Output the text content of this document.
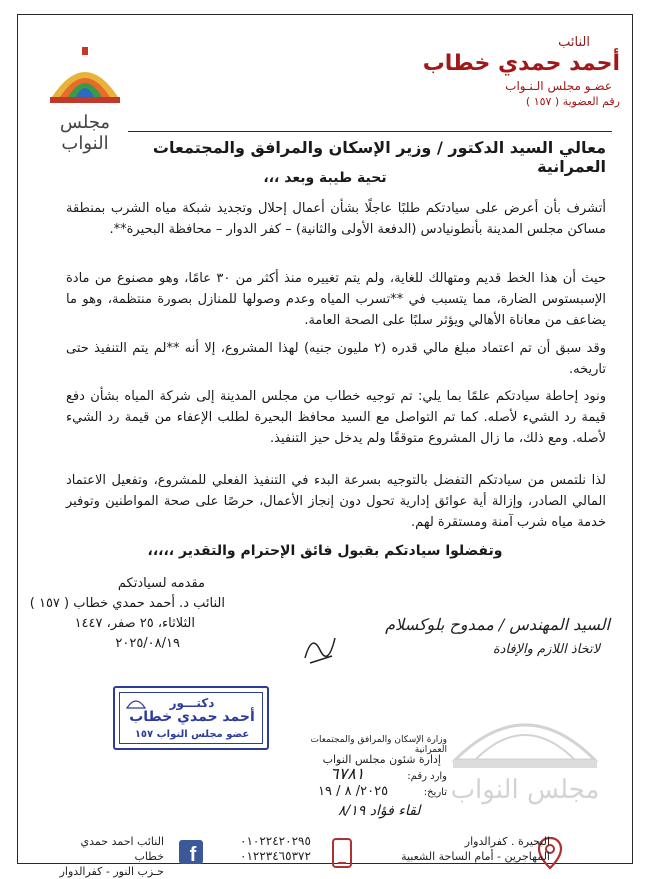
النائب
أحمد حمدي خطاب
عضـو مجلس الـنـواب
رقم العضوية ( ١٥٧ )
مجلس النواب	معالي السيد الدكتور / وزير الإسكان والمرافق والمجتمعات العمرانية
تحية طيبة وبعد ،،،
أتشرف بأن أعرض على سيادتكم طلبًا عاجلًا بشأن أعمال إحلال وتجديد شبكة مياه الشرب بمنطقة مساكن مجلس المدينة بأنطونيادس (الدفعة الأولى والثانية) – كفر الدوار – محافظة البحيرة**.
حيث أن هذا الخط قديم ومتهالك للغاية، ولم يتم تغييره منذ أكثر من ٣٠ عامًا، وهو مصنوع من مادة الإسبستوس الضارة، مما يتسبب في **تسرب المياه وعدم وصولها للمنازل بصورة منتظمة، وهو ما يضاعف من معاناة الأهالي ويؤثر سلبًا على الصحة العامة.
وقد سبق أن تم اعتماد مبلغ مالي قدره (٢ مليون جنيه) لهذا المشروع، إلا أنه **لم يتم التنفيذ حتى تاريخه.
ونود إحاطة سيادتكم علمًا بما يلي: تم توجيه خطاب من مجلس المدينة إلى شركة المياه بشأن دفع قيمة رد الشيء لأصله. كما تم التواصل مع السيد محافظ البحيرة لطلب الإعفاء من قيمة رد الشيء لأصله. ومع ذلك، ما زال المشروع متوقفًا ولم يدخل حيز التنفيذ.
لذا نلتمس من سيادتكم التفضل بالتوجيه بسرعة البدء في التنفيذ الفعلي للمشروع، وتفعيل الاعتماد المالي الصادر، وإزالة أية عوائق إدارية تحول دون إنجاز الأعمال، حرصًا على صحة المواطنين وتوفير خدمة مياه شرب آمنة ومستقرة لهم.
وتفضلوا سيادتكم بقبول فائق الإحترام والتقدير ،،،،،
مقدمه لسيادتكم
النائب د. أحمد حمدي خطاب ( ١٥٧ )
الثلاثاء، ٢٥ صفر، ١٤٤٧
٢٠٢٥/٠٨/١٩
السيد المهندس / ممدوح بلوكسلام
لاتخاذ اللازم والإفادة
مجلس النواب
دكتـــور
أحمد حمدي خطاب
عضو مجلس النواب ١٥٧	وزارة الإسكان والمرافق والمجتمعات العمرانية
إدارة شئون مجلس النواب
وارد رقم:
تاريخ:
٦٧٨١
٢٠٢٥/ ٨ / ١٩
لقاء فؤاد ٨/١٩
البحيرة . كفرالدوار
المهاجرين - أمام الساحة الشعبية
٠١٠٢٢٤٢٠٢٩٥
٠١٢٢٣٤٦٥٣٧٢
f
النائب احمد حمدي خطاب
حـزب النور - كفرالدوار
